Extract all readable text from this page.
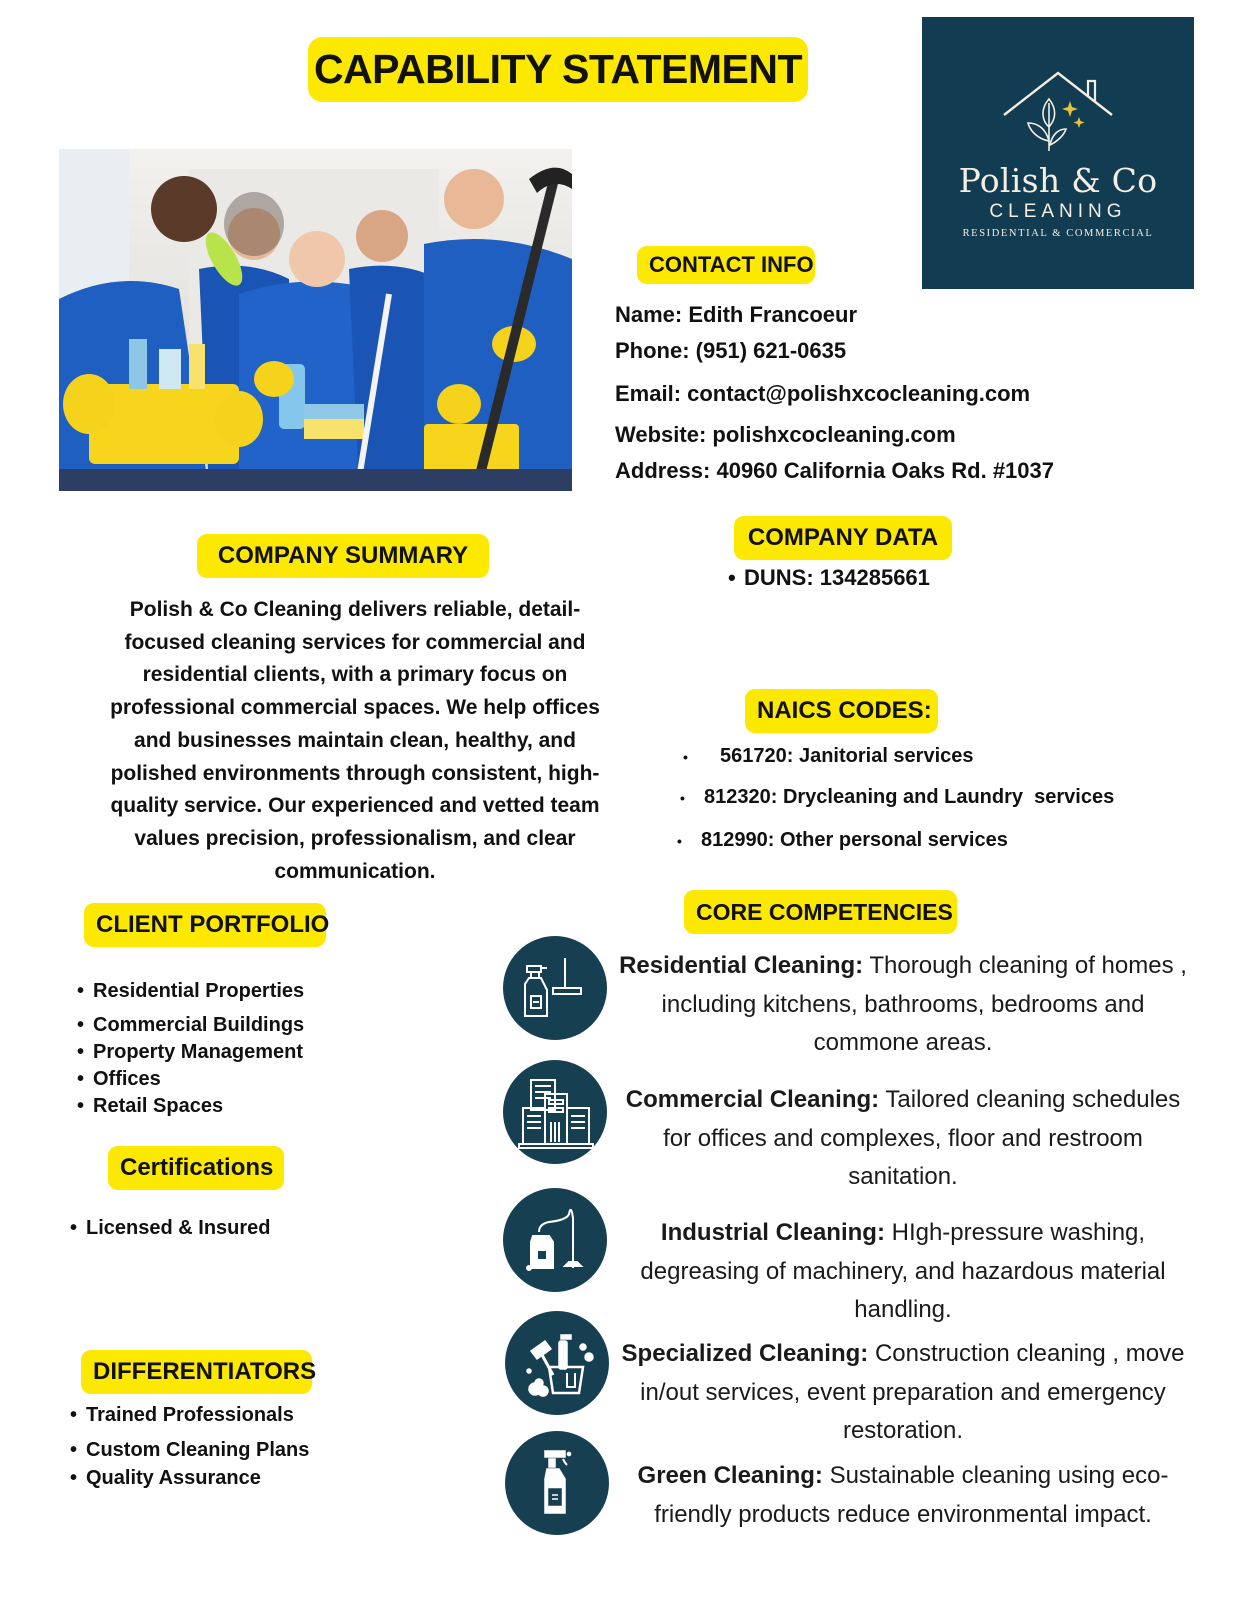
CAPABILITY STATEMENT
Polish & Co
CLEANING
RESIDENTIAL & COMMERCIAL
CONTACT INFO
Name: Edith Francoeur
Phone: (951) 621-0635
Email: contact@polishxcocleaning.com
Website: polishxcocleaning.com
Address: 40960 California Oaks Rd. #1037
COMPANY SUMMARY
Polish & Co Cleaning delivers reliable, detail-focused cleaning services for commercial and residential clients, with a primary focus on professional commercial spaces. We help offices and businesses maintain clean, healthy, and polished environments through consistent, high-quality service. Our experienced and vetted team values precision, professionalism, and clear communication.
COMPANY DATA
• DUNS: 134285661
NAICS CODES:
• 561720: Janitorial services
• 812320: Drycleaning and Laundry  services
• 812990: Other personal services
CLIENT PORTFOLIO
• Residential Properties
• Commercial Buildings
• Property Management
• Offices
• Retail Spaces
Certifications
• Licensed & Insured
DIFFERENTIATORS
• Trained Professionals
• Custom Cleaning Plans
• Quality Assurance
CORE COMPETENCIES
Residential Cleaning: Thorough cleaning of homes , including kitchens, bathrooms, bedrooms and commone areas.
Commercial Cleaning: Tailored cleaning schedules for offices and complexes, floor and restroom sanitation.
Industrial Cleaning: HIgh-pressure washing, degreasing of machinery, and hazardous material handling.
Specialized Cleaning: Construction cleaning , move in/out services, event preparation and emergency restoration.
Green Cleaning: Sustainable cleaning using eco-friendly products reduce environmental impact.
